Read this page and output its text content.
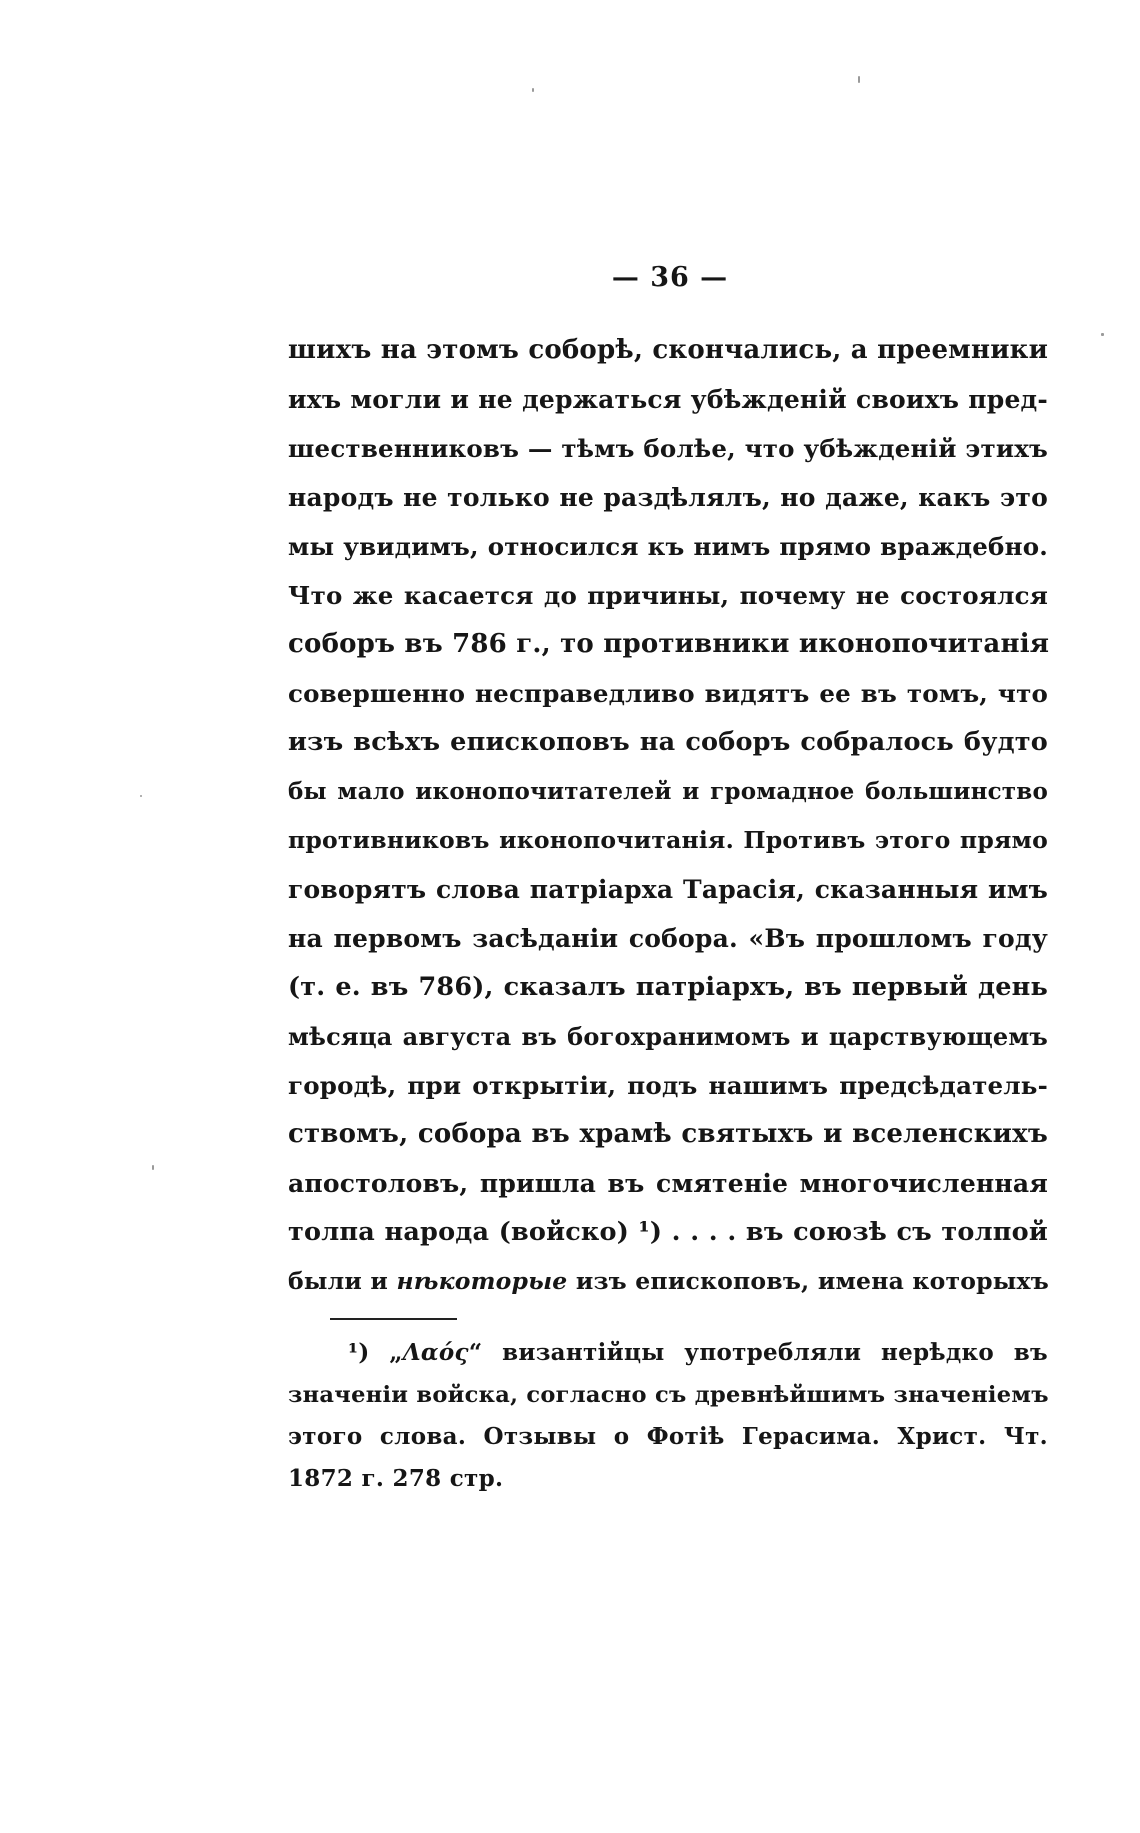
— 36 —
шихъ на этомъ соборѣ, скончались, а преемники
ихъ могли и не держаться убѣжденій своихъ пред-
шественниковъ — тѣмъ болѣе, что убѣжденій этихъ
народъ не только не раздѣлялъ, но даже, какъ это
мы увидимъ, относился къ нимъ прямо враждебно.
Что же касается до причины, почему не состоялся
соборъ въ 786 г., то противники иконопочитанія
совершенно несправедливо видятъ ее въ томъ, что
изъ всѣхъ епископовъ на соборъ собралось будто
бы мало иконопочитателей и громадное большинство
противниковъ иконопочитанія. Противъ этого прямо
говорятъ слова патріарха Тарасія, сказанныя имъ
на первомъ засѣданіи собора. «Въ прошломъ году
(т. е. въ 786), сказалъ патріархъ, въ первый день
мѣсяца августа въ богохранимомъ и царствующемъ
городѣ, при открытіи, подъ нашимъ предсѣдатель-
ствомъ, собора въ храмѣ святыхъ и вселенскихъ
апостоловъ, пришла въ смятеніе многочисленная
толпа народа (войско) ¹) . . . . въ союзѣ съ толпой
были и нѣкоторые изъ епископовъ, имена которыхъ
¹) „Λαός“ византійцы употребляли нерѣдко въ
значеніи войска, согласно съ древнѣйшимъ значеніемъ
этого слова. Отзывы о Фотіѣ Герасима. Христ. Чт.
1872 г. 278 стр.
